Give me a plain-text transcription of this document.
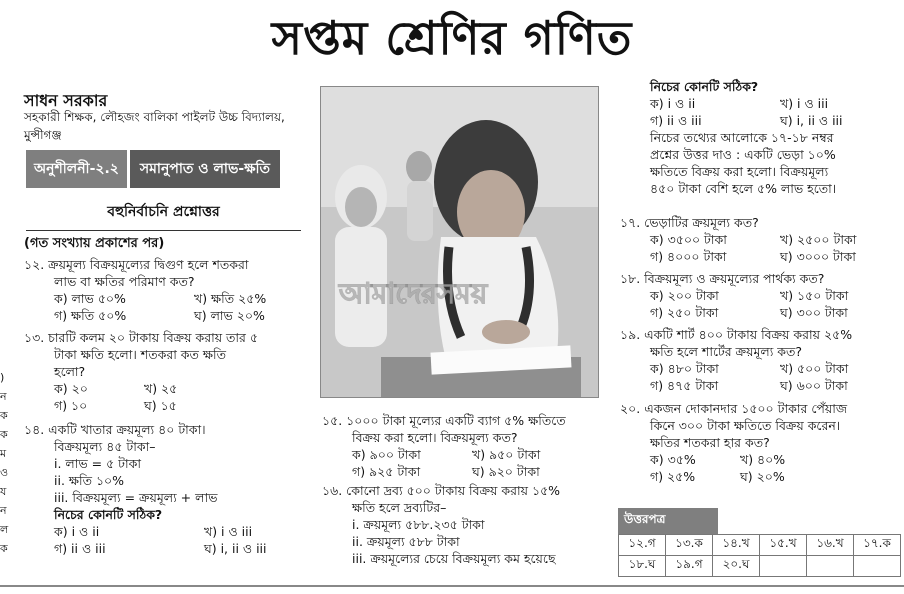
সপ্তম শ্রেণির গণিত
)
ন
ক
ক
ম
ও
য
ন
ল
ক
সাধন সরকার
সহকারী শিক্ষক, লৌহজং বালিকা পাইলট উচ্চ বিদ্যালয়, মুন্সীগঞ্জ
অনুশীলনী-২.২	সমানুপাত ও লাভ-ক্ষতি
বহুনির্বাচনি প্রশ্নোত্তর
(গত সংখ্যায় প্রকাশের পর)
১২. ক্রয়মূল্য বিক্রয়মূল্যের দ্বিগুণ হলে শতকরা
লাভ বা ক্ষতির পরিমাণ কত?
ক) লাভ ৫০%	খ) ক্ষতি ২৫%
গ) ক্ষতি ৫০%	ঘ) লাভ ২০%
১৩. চারটি কলম ২০ টাকায় বিক্রয় করায় তার ৫
টাকা ক্ষতি হলো। শতকরা কত ক্ষতি
হলো?
ক) ২০	খ) ২৫
গ) ১০	ঘ) ১৫
১৪. একটি খাতার ক্রয়মূল্য ৪০ টাকা।
বিক্রয়মূল্য ৪৫ টাকা–
i. লাভ = ৫ টাকা
ii. ক্ষতি ১০%
iii. বিক্রয়মূল্য = ক্রয়মূল্য + লাভ
নিচের কোনটি সঠিক?
ক) i ও ii	খ) i ও iii
গ) ii ও iii	ঘ) i, ii ও iii
আমাদেরসময়
১৫. ১০০০ টাকা মূল্যের একটি ব্যাগ ৫% ক্ষতিতে
বিক্রয় করা হলো। বিক্রয়মূল্য কত?
ক) ৯০০ টাকা	খ) ৯৫০ টাকা
গ) ৯২৫ টাকা	ঘ) ৯২০ টাকা
১৬. কোনো দ্রব্য ৫০০ টাকায় বিক্রয় করায় ১৫%
ক্ষতি হলে দ্রব্যটির–
i. ক্রয়মূল্য ৫৮৮.২৩৫ টাকা
ii. ক্রয়মূল্য ৫৮৮ টাকা
iii. ক্রয়মূল্যের চেয়ে বিক্রয়মূল্য কম হয়েছে
নিচের কোনটি সঠিক?
ক) i ও ii	খ) i ও iii
গ) ii ও iii	ঘ) i, ii ও iii
নিচের তথ্যের আলোকে ১৭-১৮ নম্বর
প্রশ্নের উত্তর দাও : একটি ভেড়া ১০%
ক্ষতিতে বিক্রয় করা হলো। বিক্রয়মূল্য
৪৫০ টাকা বেশি হলে ৫% লাভ হতো।
১৭. ভেড়াটির ক্রয়মূল্য কত?
ক) ৩৫০০ টাকা	খ) ২৫০০ টাকা
গ) ৪০০০ টাকা	ঘ) ৩০০০ টাকা
১৮. বিক্রয়মূল্য ও ক্রয়মূল্যের পার্থক্য কত?
ক) ২০০ টাকা	খ) ১৫০ টাকা
গ) ২৫০ টাকা	ঘ) ৩০০ টাকা
১৯. একটি শার্ট ৪০০ টাকায় বিক্রয় করায় ২৫%
ক্ষতি হলে শার্টের ক্রয়মূল্য কত?
ক) ৪৮০ টাকা	খ) ৫০০ টাকা
গ) ৪৭৫ টাকা	ঘ) ৬০০ টাকা
২০. একজন দোকানদার ১৫০০ টাকার পেঁয়াজ
কিনে ৩০০ টাকা ক্ষতিতে বিক্রয় করেন।
ক্ষতির শতকরা হার কত?
ক) ৩৫%	খ) ৪০%
গ) ২৫%	ঘ) ২০%
উত্তরপত্র
১২.গ	১৩.ক	১৪.খ	১৫.খ	১৬.খ	১৭.ক
১৮.ঘ	১৯.গ	২০.ঘ			
